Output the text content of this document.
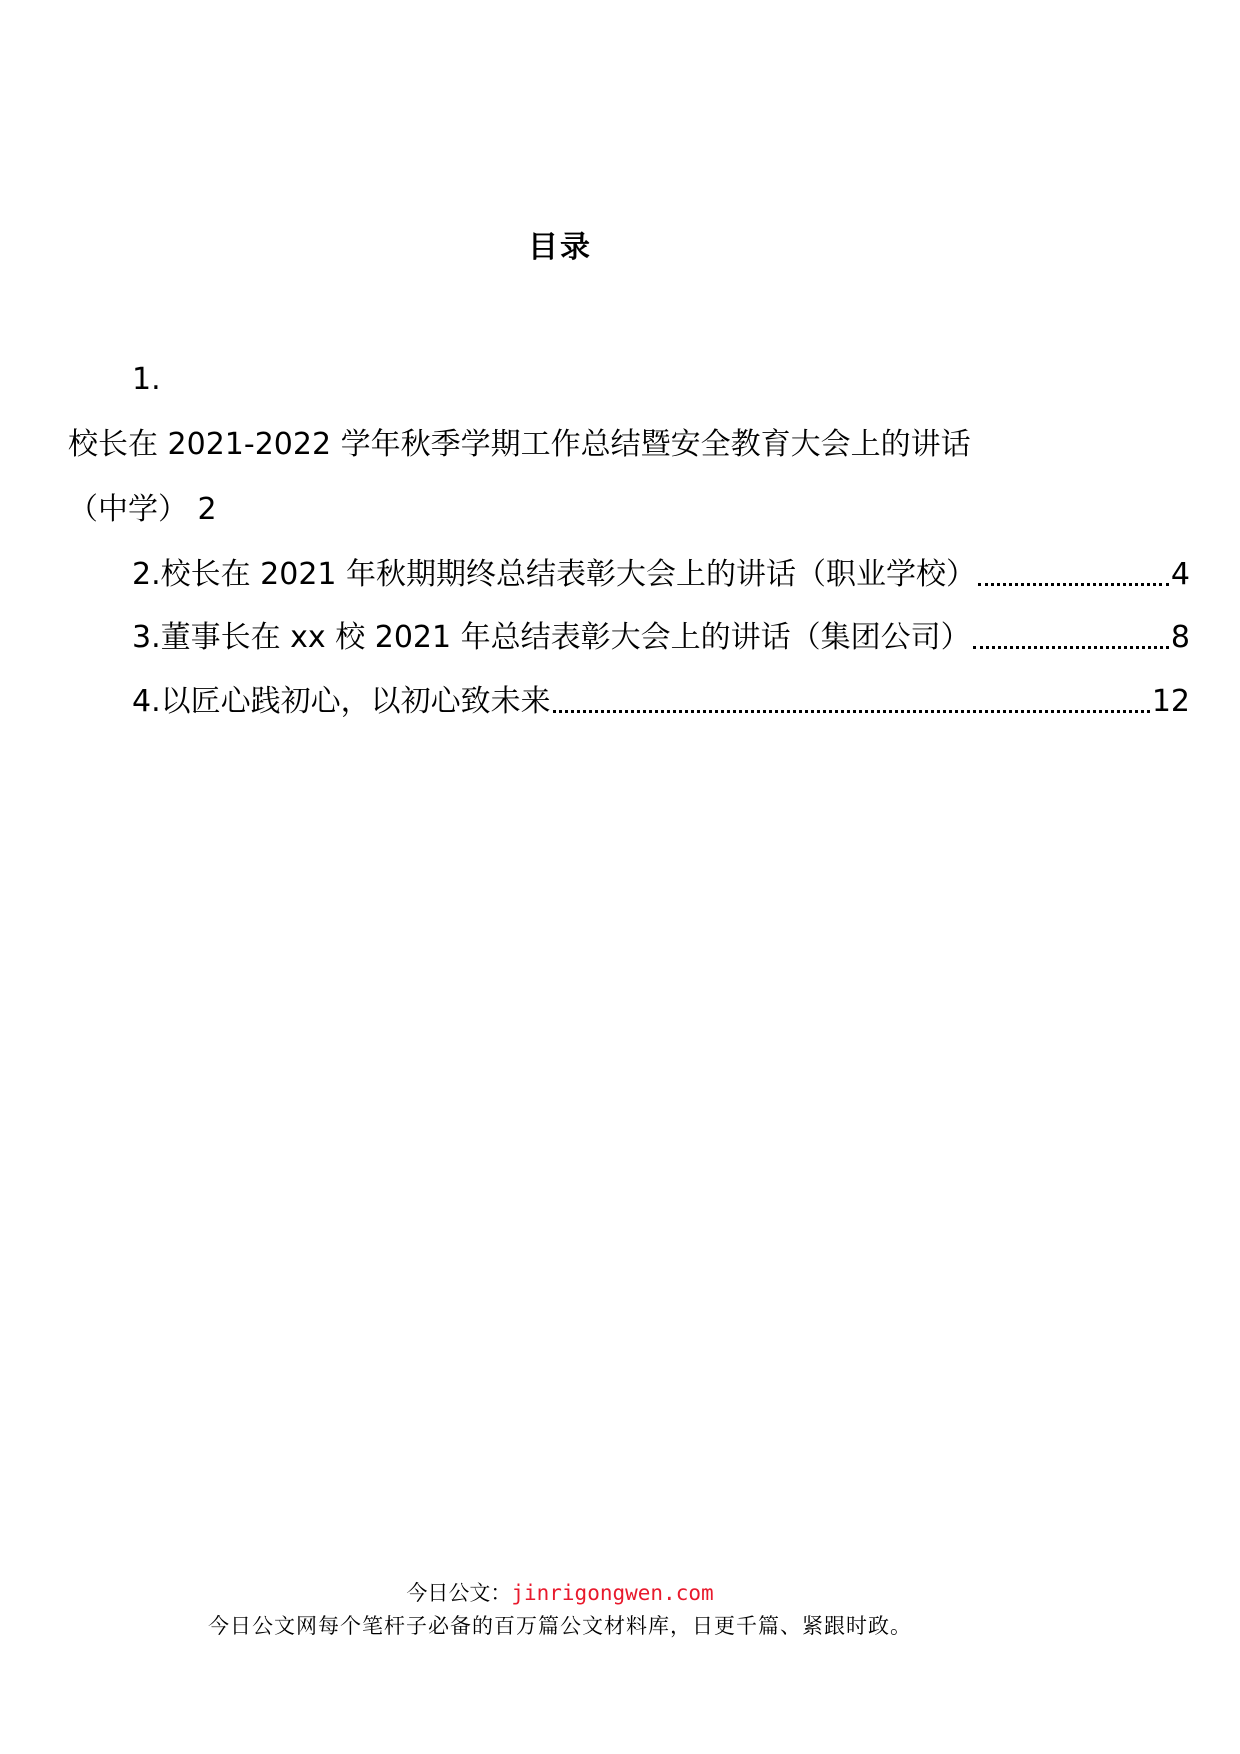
目录
1.
校长在 2021-2022 学年秋季学期工作总结暨安全教育大会上的讲话
（中学） 2
2.校长在 2021 年秋期期终总结表彰大会上的讲话（职业学校）	4
3.董事长在 xx 校 2021 年总结表彰大会上的讲话（集团公司）	8
4.以匠心践初心，以初心致未来	12
今日公文：jinrigongwen.com
今日公文网每个笔杆子必备的百万篇公文材料库，日更千篇、紧跟时政。
